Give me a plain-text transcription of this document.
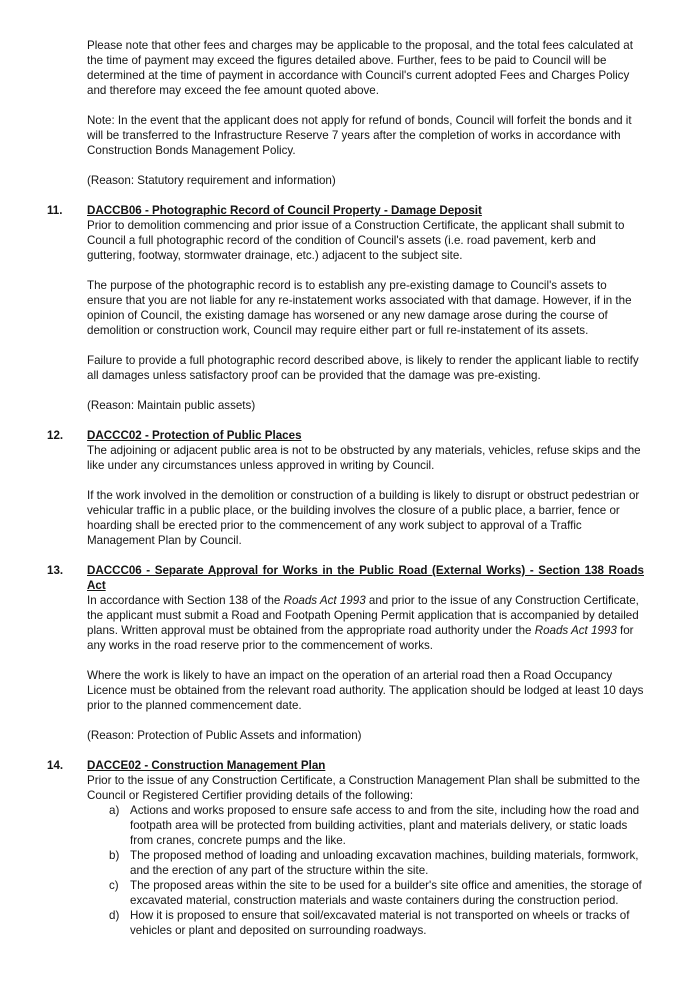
Please note that other fees and charges may be applicable to the proposal, and the total fees calculated at the time of payment may exceed the figures detailed above. Further, fees to be paid to Council will be determined at the time of payment in accordance with Council's current adopted Fees and Charges Policy and therefore may exceed the fee amount quoted above.

Note: In the event that the applicant does not apply for refund of bonds, Council will forfeit the bonds and it will be transferred to the Infrastructure Reserve 7 years after the completion of works in accordance with Construction Bonds Management Policy.

(Reason: Statutory requirement and information)

11. DACCB06 - Photographic Record of Council Property - Damage Deposit

Prior to demolition commencing and prior issue of a Construction Certificate, the applicant shall submit to Council a full photographic record of the condition of Council's assets (i.e. road pavement, kerb and guttering, footway, stormwater drainage, etc.) adjacent to the subject site.

The purpose of the photographic record is to establish any pre-existing damage to Council's assets to ensure that you are not liable for any re-instatement works associated with that damage. However, if in the opinion of Council, the existing damage has worsened or any new damage arose during the course of demolition or construction work, Council may require either part or full re-instatement of its assets.

Failure to provide a full photographic record described above, is likely to render the applicant liable to rectify all damages unless satisfactory proof can be provided that the damage was pre-existing.

(Reason: Maintain public assets)

12. DACCC02 - Protection of Public Places

The adjoining or adjacent public area is not to be obstructed by any materials, vehicles, refuse skips and the like under any circumstances unless approved in writing by Council.

If the work involved in the demolition or construction of a building is likely to disrupt or obstruct pedestrian or vehicular traffic in a public place, or the building involves the closure of a public place, a barrier, fence or hoarding shall be erected prior to the commencement of any work subject to approval of a Traffic Management Plan by Council.

13. DACCC06 - Separate Approval for Works in the Public Road (External Works) - Section 138 Roads Act

In accordance with Section 138 of the Roads Act 1993 and prior to the issue of any Construction Certificate, the applicant must submit a Road and Footpath Opening Permit application that is accompanied by detailed plans. Written approval must be obtained from the appropriate road authority under the Roads Act 1993 for any works in the road reserve prior to the commencement of works.

Where the work is likely to have an impact on the operation of an arterial road then a Road Occupancy Licence must be obtained from the relevant road authority. The application should be lodged at least 10 days prior to the planned commencement date.

(Reason: Protection of Public Assets and information)

14. DACCE02 - Construction Management Plan

Prior to the issue of any Construction Certificate, a Construction Management Plan shall be submitted to the Council or Registered Certifier providing details of the following:

a) Actions and works proposed to ensure safe access to and from the site, including how the road and footpath area will be protected from building activities, plant and materials delivery, or static loads from cranes, concrete pumps and the like.
b) The proposed method of loading and unloading excavation machines, building materials, formwork, and the erection of any part of the structure within the site.
c) The proposed areas within the site to be used for a builder's site office and amenities, the storage of excavated material, construction materials and waste containers during the construction period.
d) How it is proposed to ensure that soil/excavated material is not transported on wheels or tracks of vehicles or plant and deposited on surrounding roadways.
